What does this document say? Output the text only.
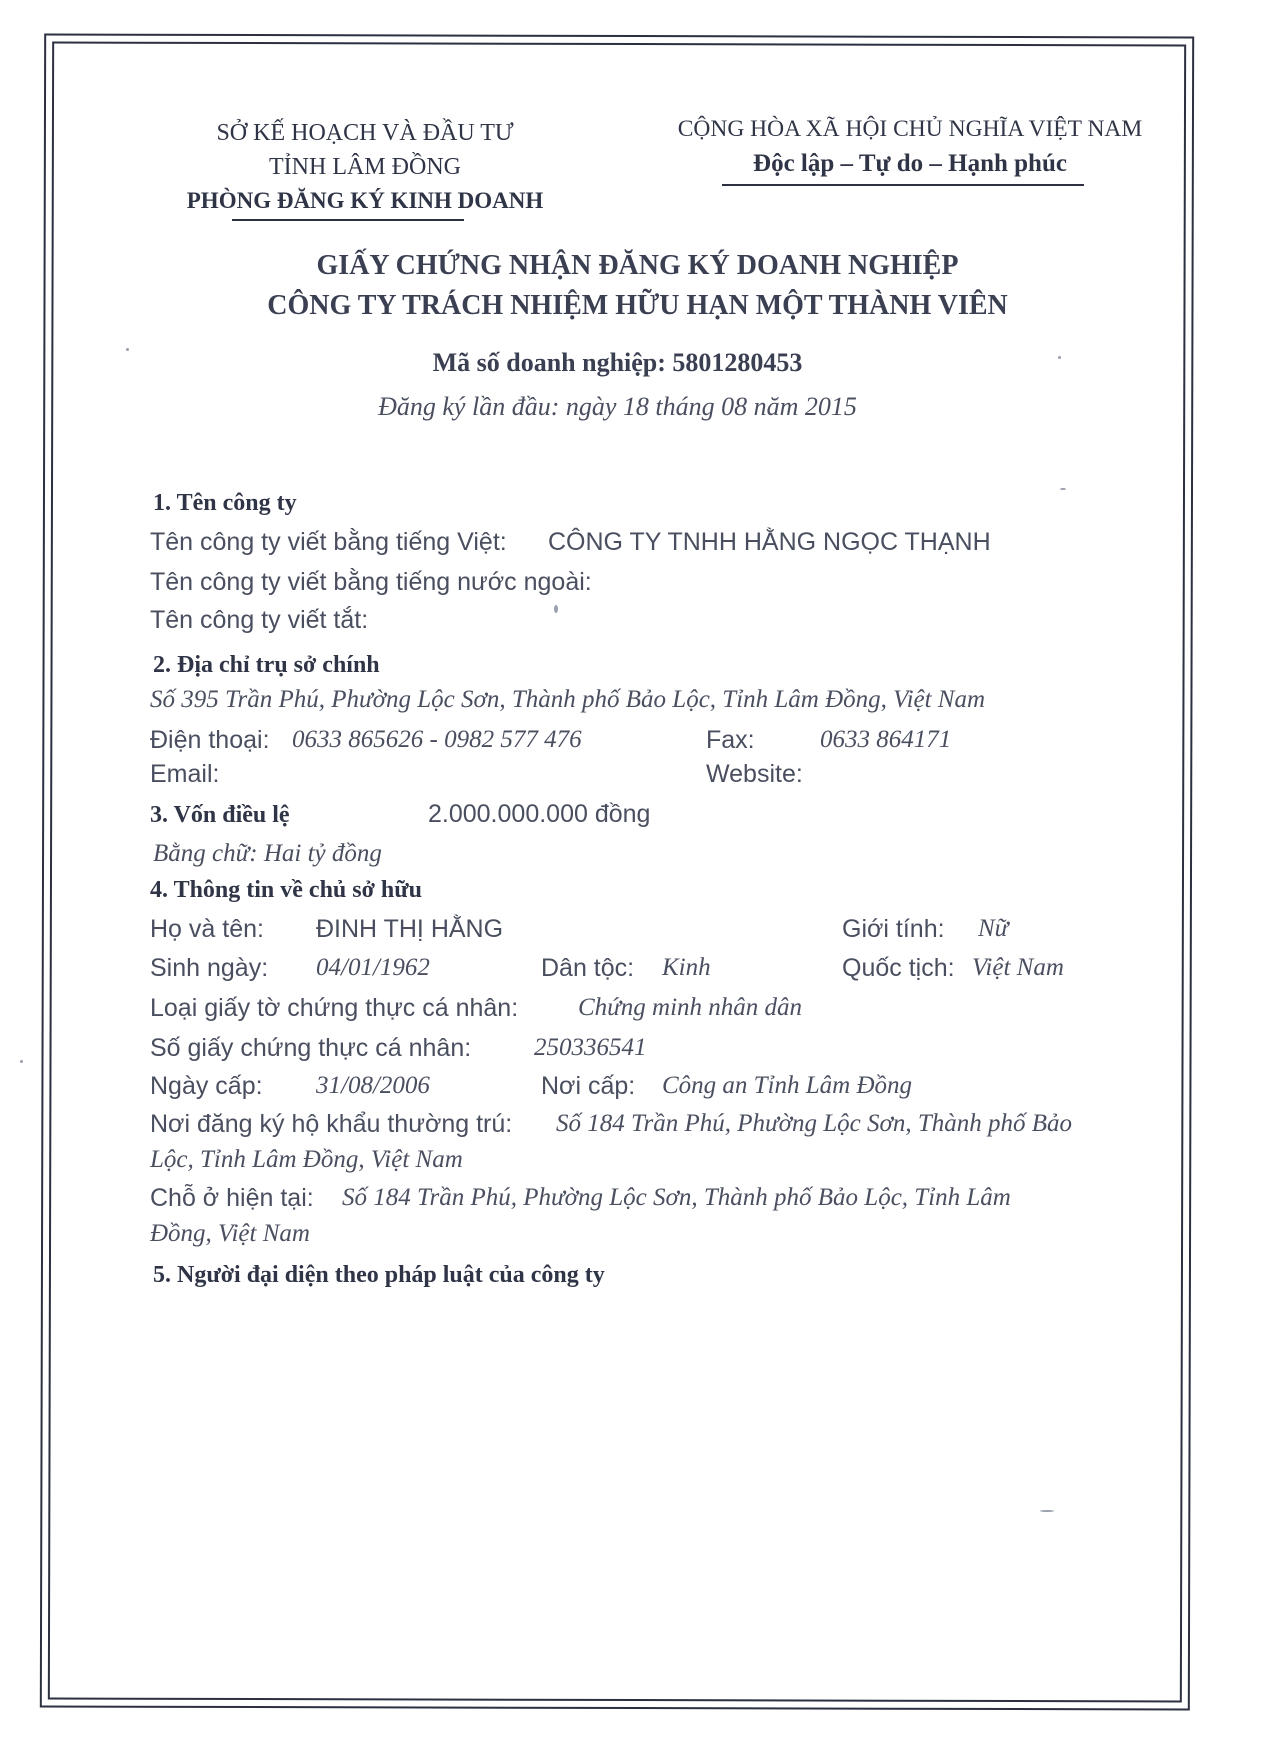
SỞ KẾ HOẠCH VÀ ĐẦU TƯ
TỈNH LÂM ĐỒNG
PHÒNG ĐĂNG KÝ KINH DOANH
CỘNG HÒA XÃ HỘI CHỦ NGHĨA VIỆT NAM
Độc lập – Tự do – Hạnh phúc
GIẤY CHỨNG NHẬN ĐĂNG KÝ DOANH NGHIỆP
CÔNG TY TRÁCH NHIỆM HỮU HẠN MỘT THÀNH VIÊN
Mã số doanh nghiệp: 5801280453
Đăng ký lần đầu: ngày 18 tháng 08 năm 2015
1. Tên công ty
Tên công ty viết bằng tiếng Việt: CÔNG TY TNHH HẰNG NGỌC THẠNH
Tên công ty viết bằng tiếng nước ngoài:
Tên công ty viết tắt:
2. Địa chỉ trụ sở chính
Số 395 Trần Phú, Phường Lộc Sơn, Thành phố Bảo Lộc, Tỉnh Lâm Đồng, Việt Nam
Điện thoại: 0633 865626 - 0982 577 476	Fax:	0633 864171
Email:	Website:
3. Vốn điều lệ	2.000.000.000 đồng
Bằng chữ: Hai tỷ đồng
4. Thông tin về chủ sở hữu
Họ và tên: ĐINH THỊ HẰNG	Giới tính: Nữ
Sinh ngày: 04/01/1962	Dân tộc: Kinh	Quốc tịch: Việt Nam
Loại giấy tờ chứng thực cá nhân: Chứng minh nhân dân
Số giấy chứng thực cá nhân:	250336541
Ngày cấp: 31/08/2006	Nơi cấp: Công an Tỉnh Lâm Đồng
Nơi đăng ký hộ khẩu thường trú: Số 184 Trần Phú, Phường Lộc Sơn, Thành phố Bảo
Lộc, Tỉnh Lâm Đồng, Việt Nam
Chỗ ở hiện tại: Số 184 Trần Phú, Phường Lộc Sơn, Thành phố Bảo Lộc, Tỉnh Lâm
Đồng, Việt Nam
5. Người đại diện theo pháp luật của công ty
